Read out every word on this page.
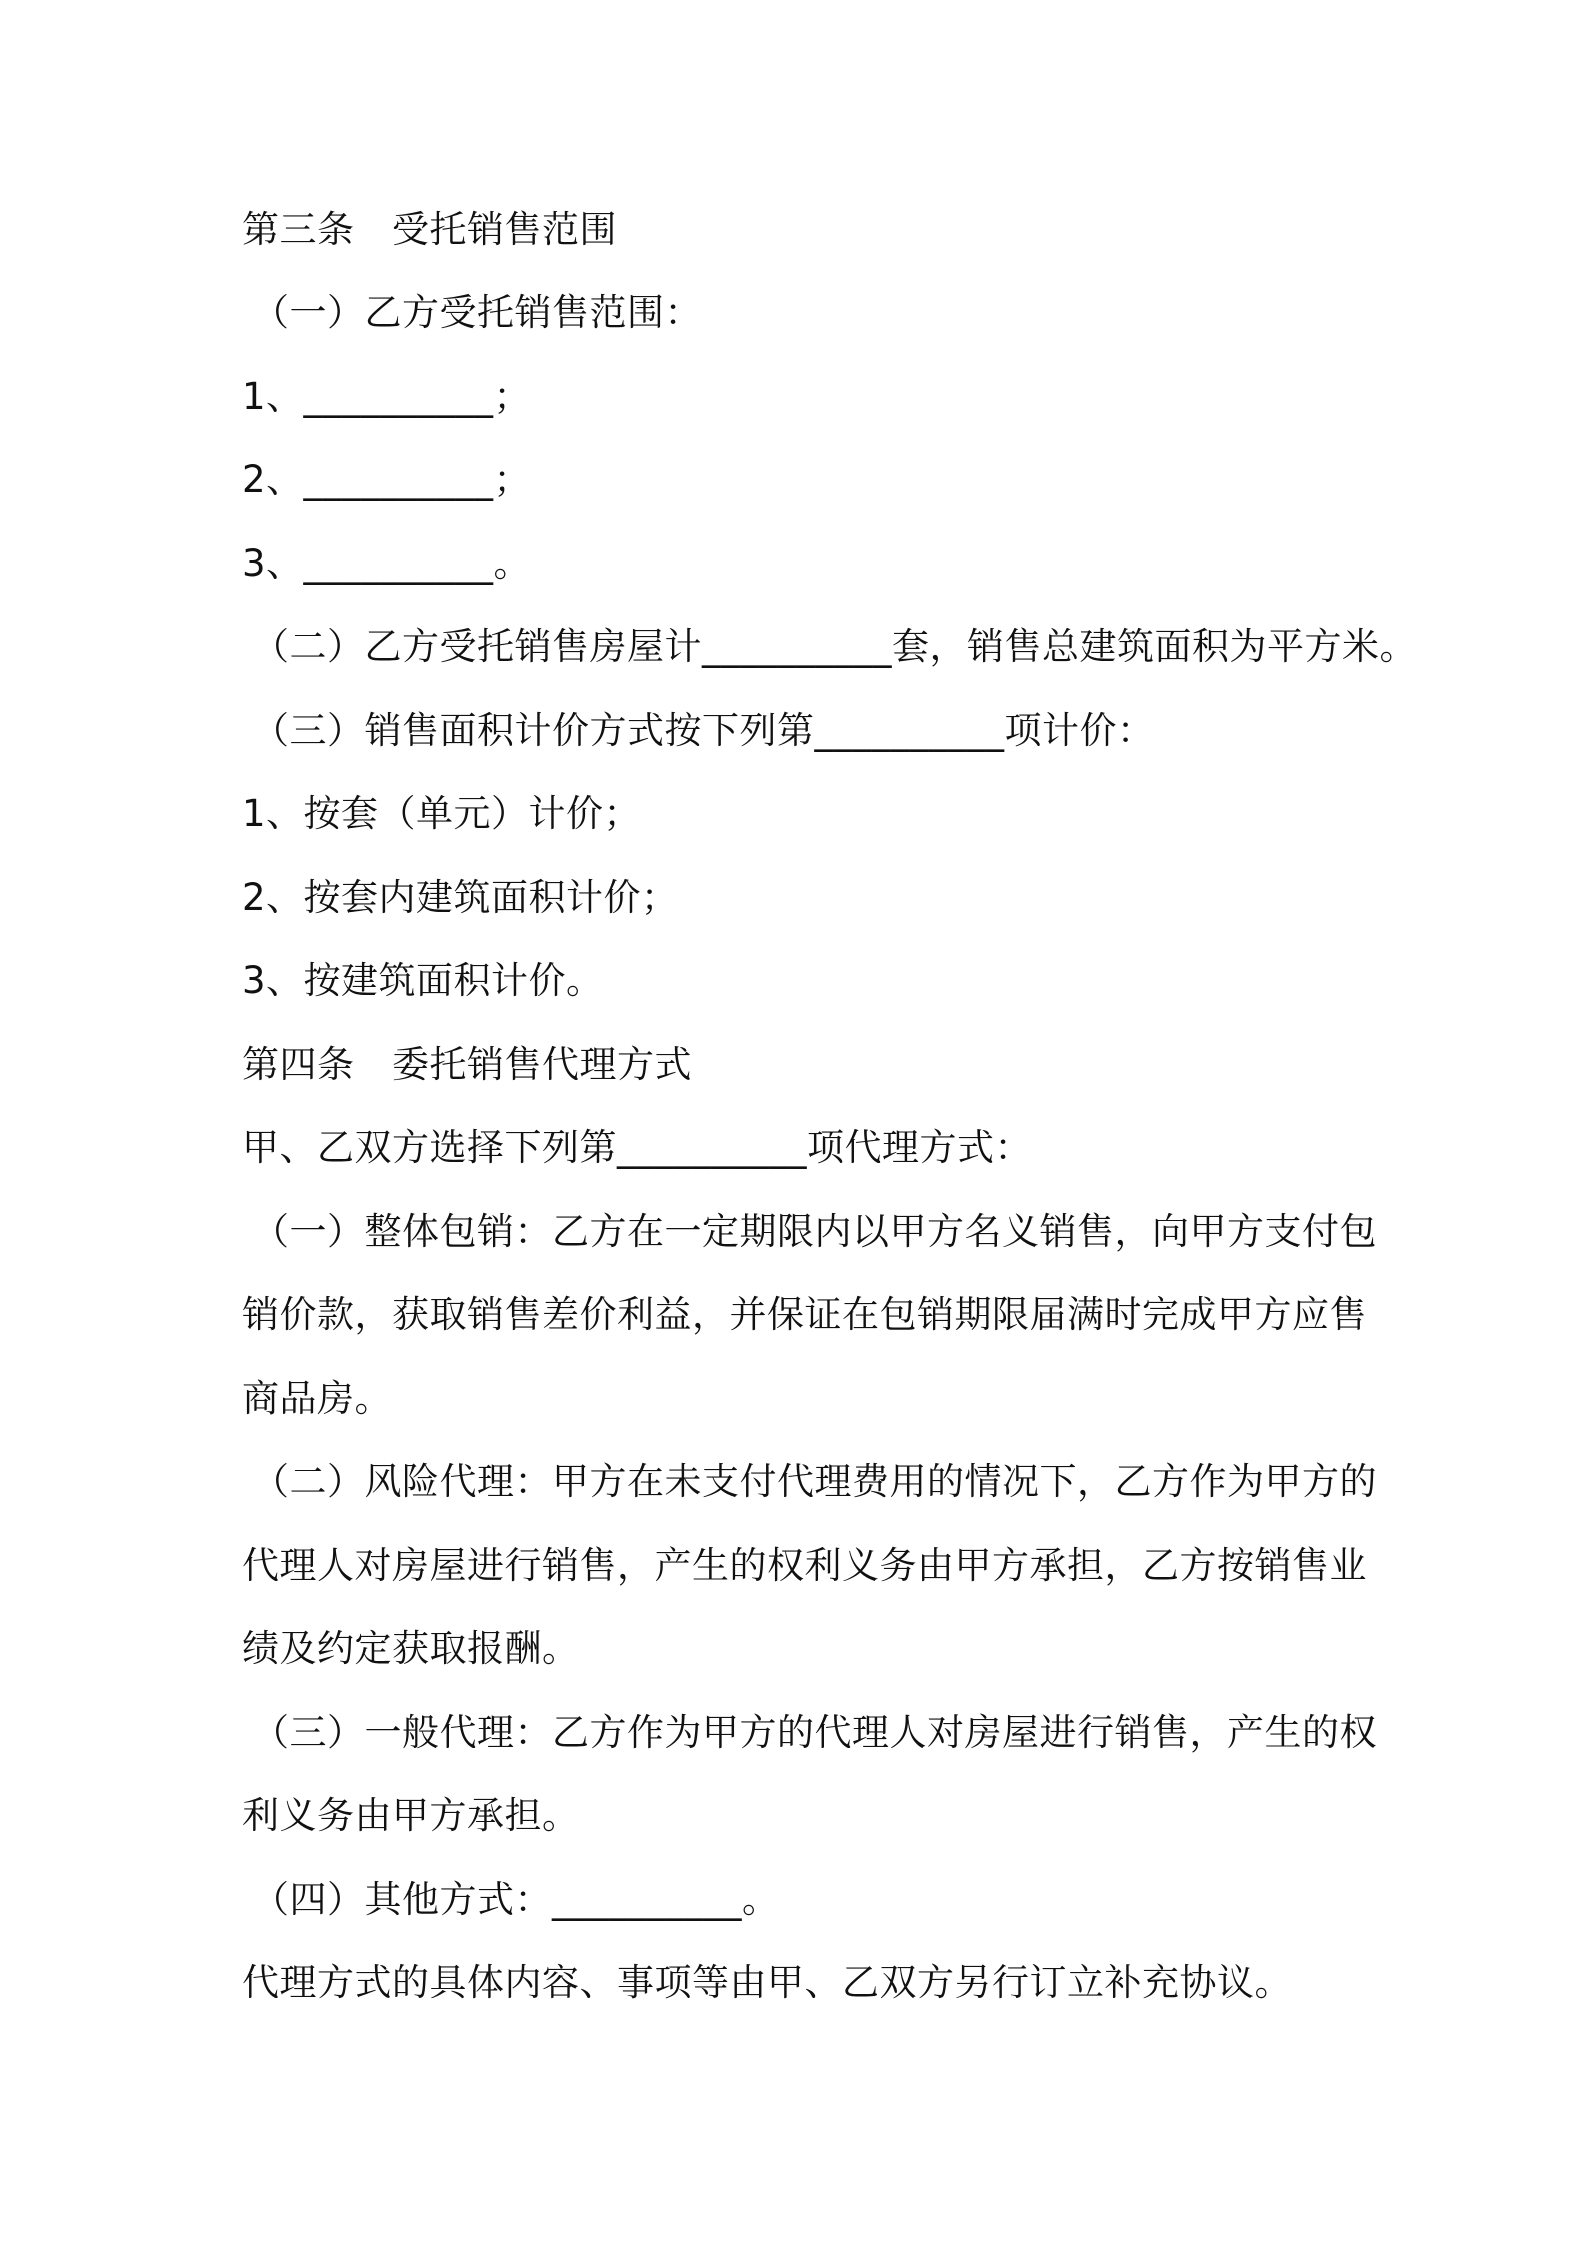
第三条　受托销售范围
（一）乙方受托销售范围：
1、__________；
2、__________；
3、__________。
（二）乙方受托销售房屋计__________套，销售总建筑面积为平方米。
（三）销售面积计价方式按下列第__________项计价：
1、按套（单元）计价；
2、按套内建筑面积计价；
3、按建筑面积计价。
第四条　委托销售代理方式
甲、乙双方选择下列第__________项代理方式：
（一）整体包销：乙方在一定期限内以甲方名义销售，向甲方支付包
销价款，获取销售差价利益，并保证在包销期限届满时完成甲方应售
商品房。
（二）风险代理：甲方在未支付代理费用的情况下，乙方作为甲方的
代理人对房屋进行销售，产生的权利义务由甲方承担，乙方按销售业
绩及约定获取报酬。
（三）一般代理：乙方作为甲方的代理人对房屋进行销售，产生的权
利义务由甲方承担。
（四）其他方式：__________。
代理方式的具体内容、事项等由甲、乙双方另行订立补充协议。
